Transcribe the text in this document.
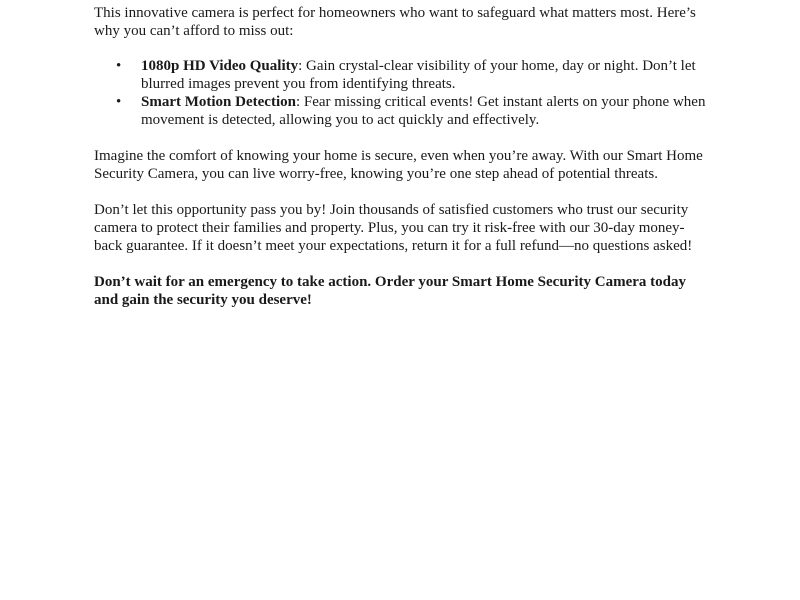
This innovative camera is perfect for homeowners who want to safeguard what matters most. Here’s why you can’t afford to miss out:

• 1080p HD Video Quality: Gain crystal-clear visibility of your home, day or night. Don’t let blurred images prevent you from identifying threats.
• Smart Motion Detection: Fear missing critical events! Get instant alerts on your phone when movement is detected, allowing you to act quickly and effectively.

Imagine the comfort of knowing your home is secure, even when you’re away. With our Smart Home Security Camera, you can live worry-free, knowing you’re one step ahead of potential threats.

Don’t let this opportunity pass you by! Join thousands of satisfied customers who trust our security camera to protect their families and property. Plus, you can try it risk-free with our 30-day money-back guarantee. If it doesn’t meet your expectations, return it for a full refund—no questions asked!

Don’t wait for an emergency to take action. Order your Smart Home Security Camera today and gain the security you deserve!
